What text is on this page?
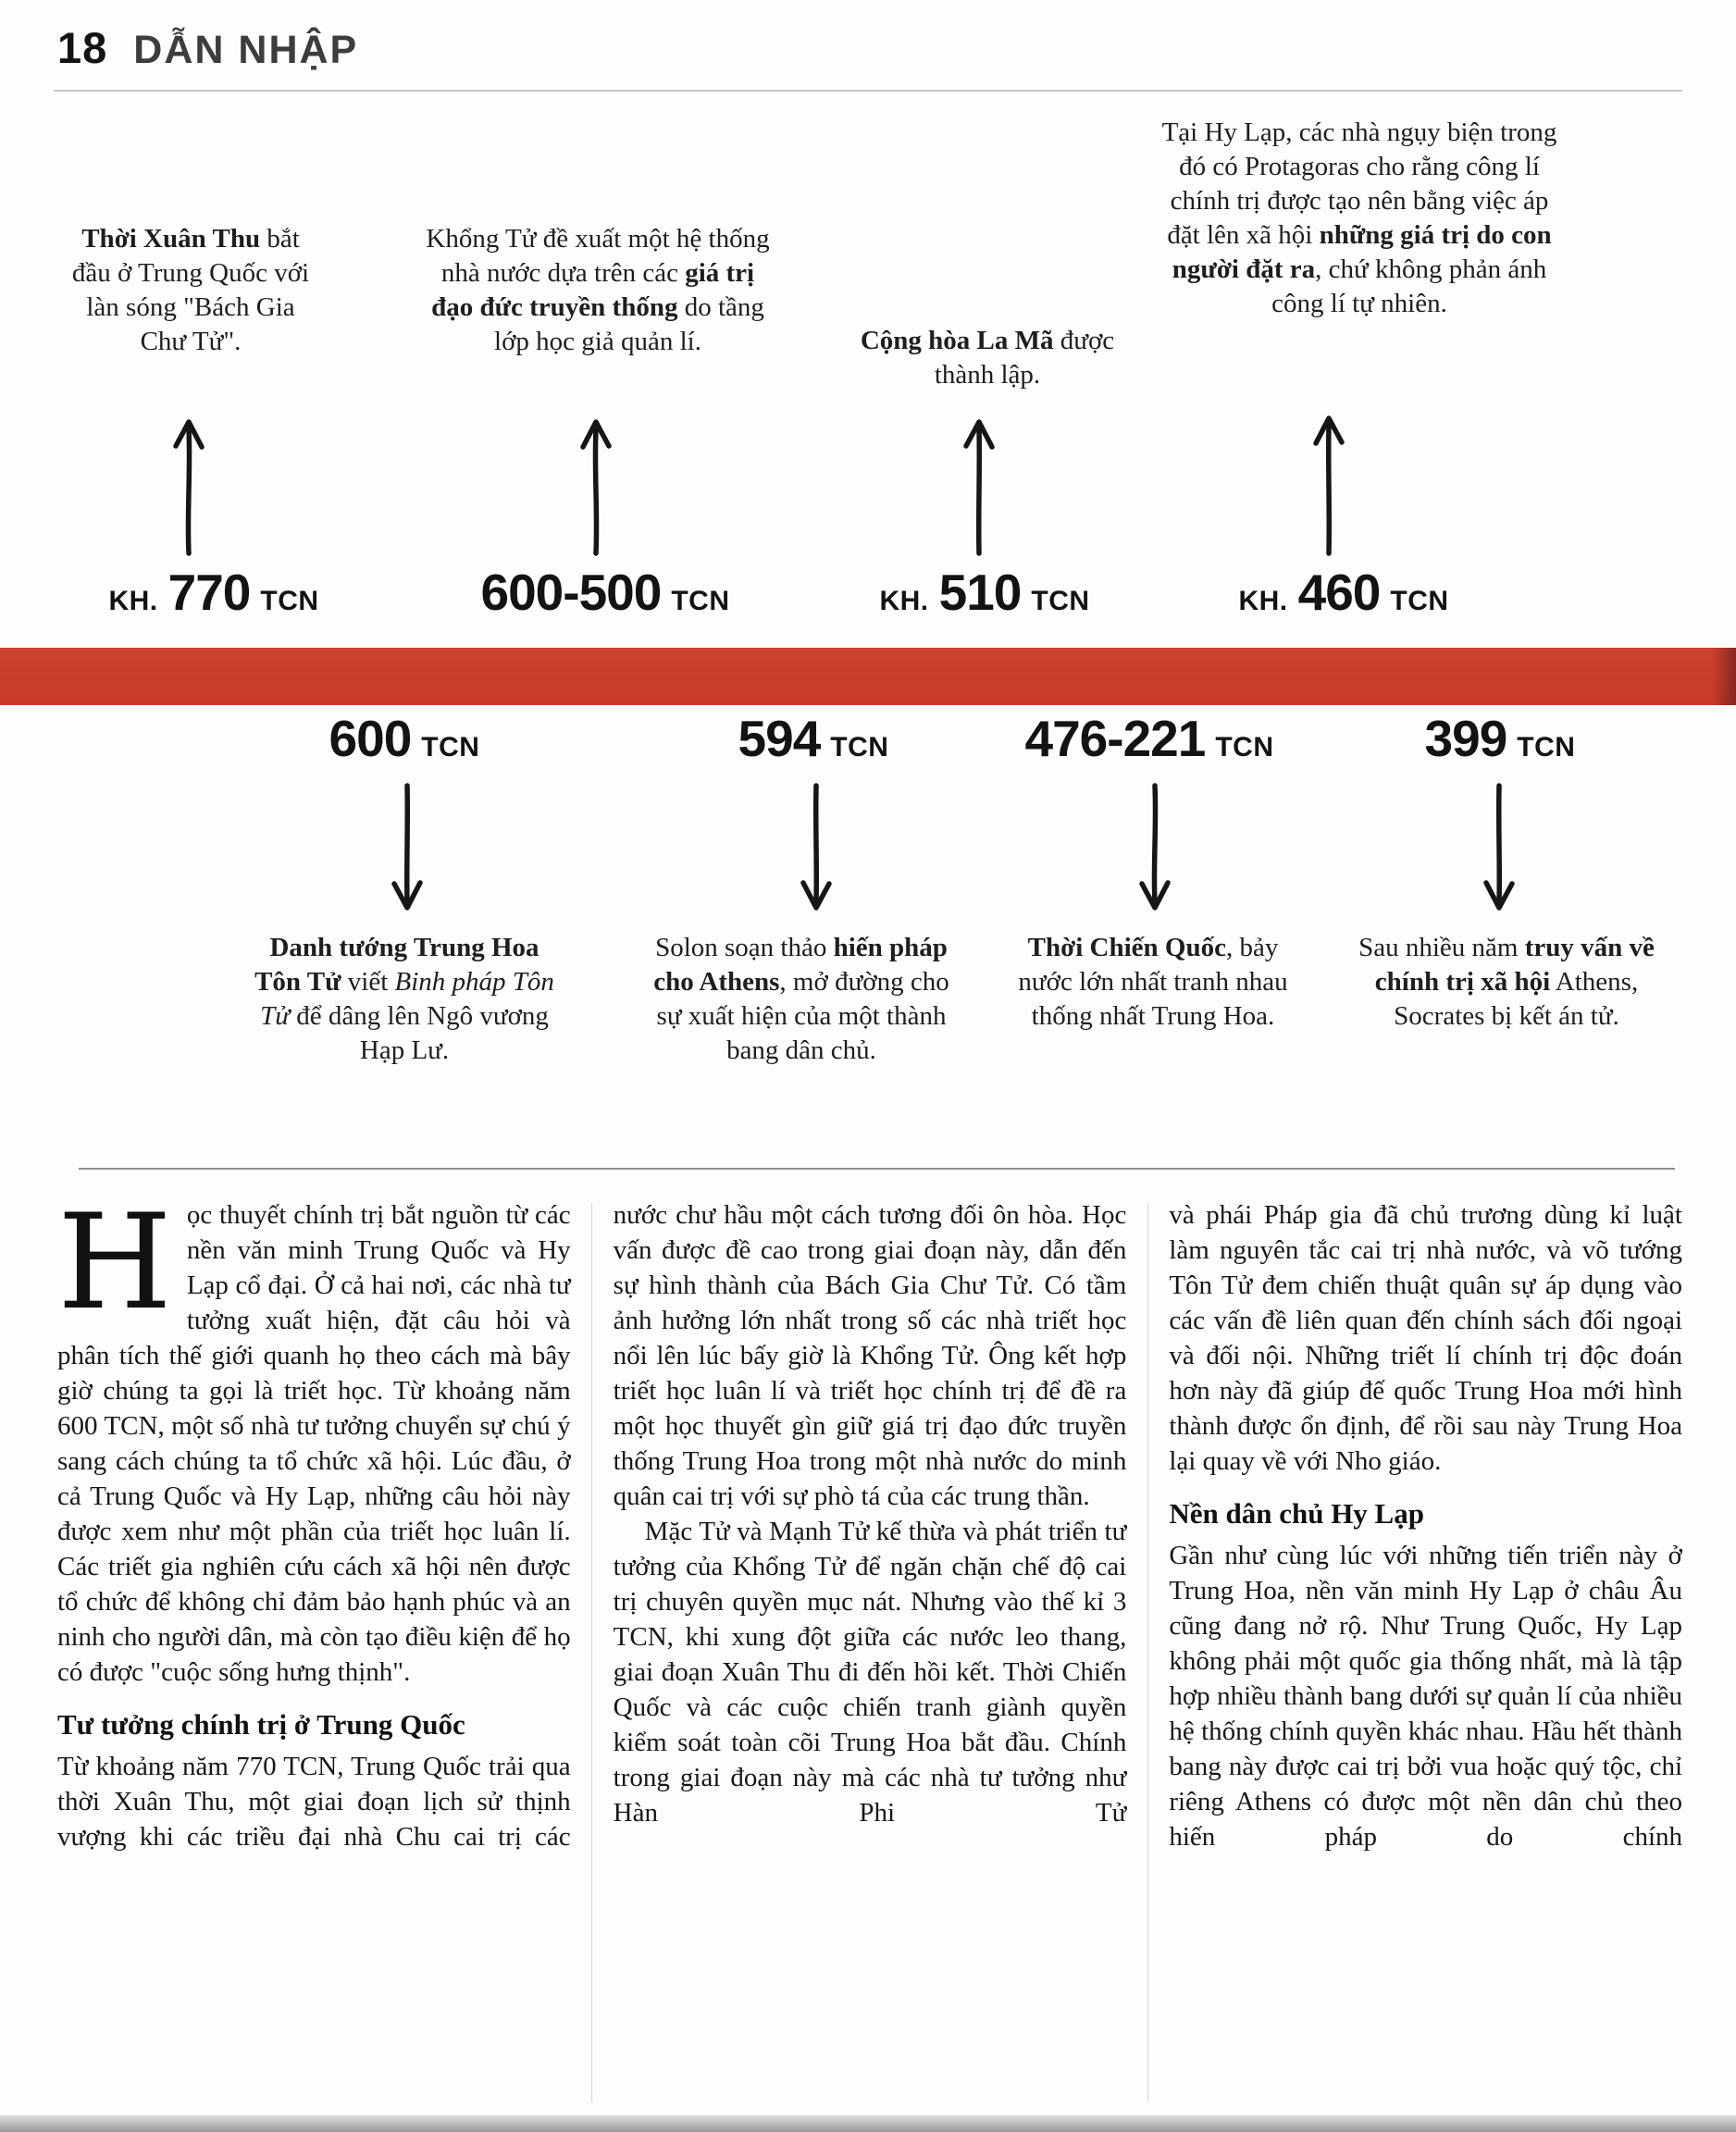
18 DẪN NHẬP
Thời Xuân Thu bắt đầu ở Trung Quốc với làn sóng "Bách Gia Chư Tử".
Khổng Tử đề xuất một hệ thống nhà nước dựa trên các giá trị đạo đức truyền thống do tầng lớp học giả quản lí.	Cộng hòa La Mã được thành lập.
Tại Hy Lạp, các nhà ngụy biện trong đó có Protagoras cho rằng công lí chính trị được tạo nên bằng việc áp đặt lên xã hội những giá trị do con người đặt ra, chứ không phản ánh công lí tự nhiên.
KH. 770 TCN	600-500 TCN	KH. 510 TCN	KH. 460 TCN
600 TCN	594 TCN	476-221 TCN	399 TCN
Danh tướng Trung Hoa Tôn Tử viết Binh pháp Tôn Tử để dâng lên Ngô vương Hạp Lư.
Solon soạn thảo hiến pháp cho Athens, mở đường cho sự xuất hiện của một thành bang dân chủ.
Thời Chiến Quốc, bảy nước lớn nhất tranh nhau thống nhất Trung Hoa.
Sau nhiều năm truy vấn về chính trị xã hội Athens, Socrates bị kết án tử.

Học thuyết chính trị bắt nguồn từ các nền văn minh Trung Quốc và Hy Lạp cổ đại. Ở cả hai nơi, các nhà tư tưởng xuất hiện, đặt câu hỏi và phân tích thế giới quanh họ theo cách mà bây giờ chúng ta gọi là triết học. Từ khoảng năm 600 TCN, một số nhà tư tưởng chuyển sự chú ý sang cách chúng ta tổ chức xã hội. Lúc đầu, ở cả Trung Quốc và Hy Lạp, những câu hỏi này được xem như một phần của triết học luân lí. Các triết gia nghiên cứu cách xã hội nên được tổ chức để không chỉ đảm bảo hạnh phúc và an ninh cho người dân, mà còn tạo điều kiện để họ có được "cuộc sống hưng thịnh".

Tư tưởng chính trị ở Trung Quốc

Từ khoảng năm 770 TCN, Trung Quốc trải qua thời Xuân Thu, một giai đoạn lịch sử thịnh vượng khi các triều đại nhà Chu cai trị các

nước chư hầu một cách tương đối ôn hòa. Học vấn được đề cao trong giai đoạn này, dẫn đến sự hình thành của Bách Gia Chư Tử. Có tầm ảnh hưởng lớn nhất trong số các nhà triết học nổi lên lúc bấy giờ là Khổng Tử. Ông kết hợp triết học luân lí và triết học chính trị để đề ra một học thuyết gìn giữ giá trị đạo đức truyền thống Trung Hoa trong một nhà nước do minh quân cai trị với sự phò tá của các trung thần.

Mặc Tử và Mạnh Tử kế thừa và phát triển tư tưởng của Khổng Tử để ngăn chặn chế độ cai trị chuyên quyền mục nát. Nhưng vào thế kỉ 3 TCN, khi xung đột giữa các nước leo thang, giai đoạn Xuân Thu đi đến hồi kết. Thời Chiến Quốc và các cuộc chiến tranh giành quyền kiểm soát toàn cõi Trung Hoa bắt đầu. Chính trong giai đoạn này mà các nhà tư tưởng như Hàn Phi Tử

và phái Pháp gia đã chủ trương dùng kỉ luật làm nguyên tắc cai trị nhà nước, và võ tướng Tôn Tử đem chiến thuật quân sự áp dụng vào các vấn đề liên quan đến chính sách đối ngoại và đối nội. Những triết lí chính trị độc đoán hơn này đã giúp đế quốc Trung Hoa mới hình thành được ổn định, để rồi sau này Trung Hoa lại quay về với Nho giáo.

Nền dân chủ Hy Lạp

Gần như cùng lúc với những tiến triển này ở Trung Hoa, nền văn minh Hy Lạp ở châu Âu cũng đang nở rộ. Như Trung Quốc, Hy Lạp không phải một quốc gia thống nhất, mà là tập hợp nhiều thành bang dưới sự quản lí của nhiều hệ thống chính quyền khác nhau. Hầu hết thành bang này được cai trị bởi vua hoặc quý tộc, chỉ riêng Athens có được một nền dân chủ theo hiến pháp do chính
